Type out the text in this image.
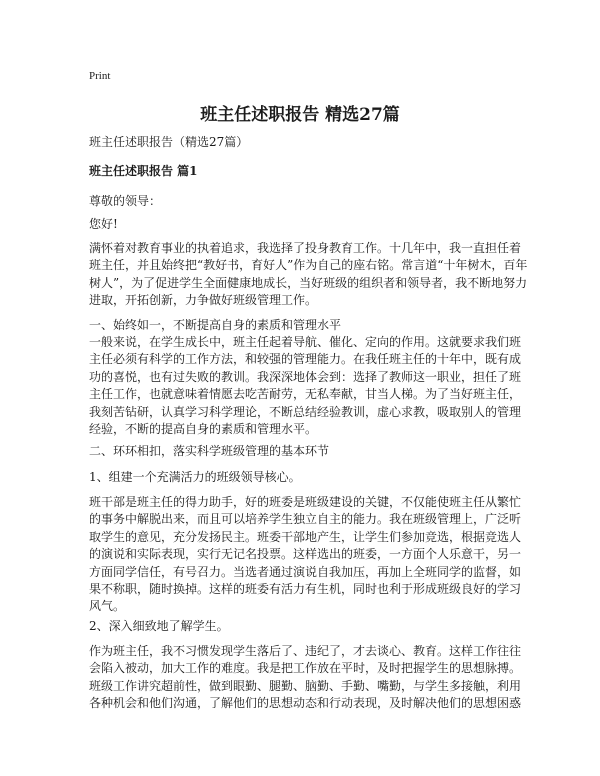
Print
班主任述职报告 精选27篇
班主任述职报告（精选27篇）
班主任述职报告 篇1
尊敬的领导：
您好!
满怀着对教育事业的执着追求，我选择了投身教育工作。十几年中，我一直担任着班主任，并且始终把“教好书，育好人”作为自己的座右铭。常言道“十年树木，百年树人”，为了促进学生全面健康地成长，当好班级的组织者和领导者，我不断地努力进取，开拓创新，力争做好班级管理工作。
一、始终如一，不断提高自身的素质和管理水平
一般来说，在学生成长中，班主任起着导航、催化、定向的作用。这就要求我们班主任必须有科学的工作方法，和较强的管理能力。在我任班主任的十年中，既有成功的喜悦，也有过失败的教训。我深深地体会到：选择了教师这一职业，担任了班主任工作，也就意味着情愿去吃苦耐劳，无私奉献，甘当人梯。为了当好班主任，我刻苦钻研，认真学习科学理论，不断总结经验教训，虚心求教，吸取别人的管理经验，不断的提高自身的素质和管理水平。
二、环环相扣，落实科学班级管理的基本环节
1、组建一个充满活力的班级领导核心。
班干部是班主任的得力助手，好的班委是班级建设的关键，不仅能使班主任从繁忙的事务中解脱出来，而且可以培养学生独立自主的能力。我在班级管理上，广泛听取学生的意见，充分发扬民主。班委干部地产生，让学生们参加竞选，根据竞选人的演说和实际表现，实行无记名投票。这样选出的班委，一方面个人乐意干，另一方面同学信任，有号召力。当选者通过演说自我加压，再加上全班同学的监督，如果不称职，随时换掉。这样的班委有活力有生机，同时也利于形成班级良好的学习风气。
2、深入细致地了解学生。
作为班主任，我不习惯发现学生落后了、违纪了，才去谈心、教育。这样工作往往会陷入被动，加大工作的难度。我是把工作放在平时，及时把握学生的思想脉搏。班级工作讲究超前性，做到眼勤、腿勤、脑勤、手勤、嘴勤，与学生多接触，利用各种机会和他们沟通，了解他们的思想动态和行动表现，及时解决他们的思想困惑
